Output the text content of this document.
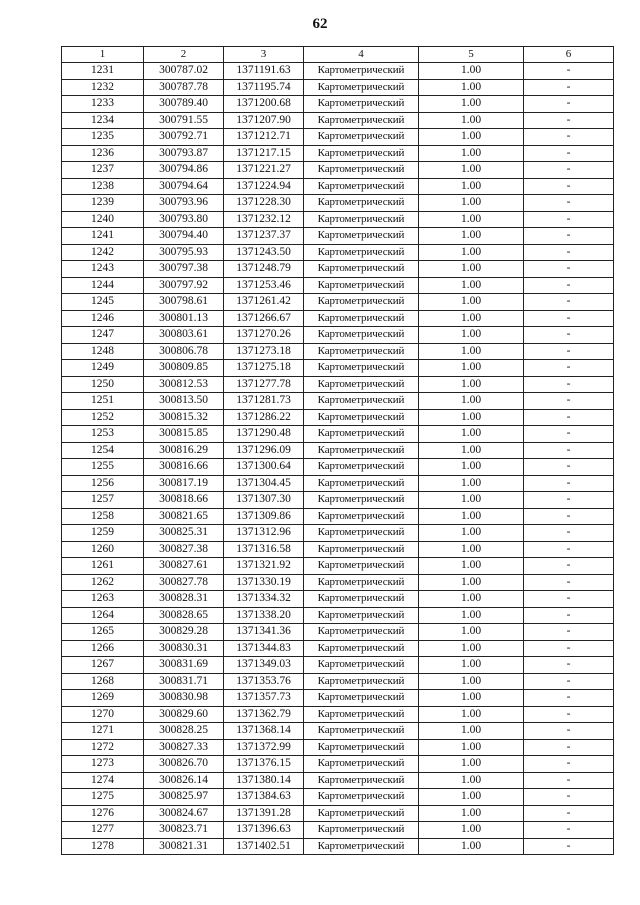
62
1	2	3	4	5	6
1231	300787.02	1371191.63	Картометрический	1.00	-
1232	300787.78	1371195.74	Картометрический	1.00	-
1233	300789.40	1371200.68	Картометрический	1.00	-
1234	300791.55	1371207.90	Картометрический	1.00	-
1235	300792.71	1371212.71	Картометрический	1.00	-
1236	300793.87	1371217.15	Картометрический	1.00	-
1237	300794.86	1371221.27	Картометрический	1.00	-
1238	300794.64	1371224.94	Картометрический	1.00	-
1239	300793.96	1371228.30	Картометрический	1.00	-
1240	300793.80	1371232.12	Картометрический	1.00	-
1241	300794.40	1371237.37	Картометрический	1.00	-
1242	300795.93	1371243.50	Картометрический	1.00	-
1243	300797.38	1371248.79	Картометрический	1.00	-
1244	300797.92	1371253.46	Картометрический	1.00	-
1245	300798.61	1371261.42	Картометрический	1.00	-
1246	300801.13	1371266.67	Картометрический	1.00	-
1247	300803.61	1371270.26	Картометрический	1.00	-
1248	300806.78	1371273.18	Картометрический	1.00	-
1249	300809.85	1371275.18	Картометрический	1.00	-
1250	300812.53	1371277.78	Картометрический	1.00	-
1251	300813.50	1371281.73	Картометрический	1.00	-
1252	300815.32	1371286.22	Картометрический	1.00	-
1253	300815.85	1371290.48	Картометрический	1.00	-
1254	300816.29	1371296.09	Картометрический	1.00	-
1255	300816.66	1371300.64	Картометрический	1.00	-
1256	300817.19	1371304.45	Картометрический	1.00	-
1257	300818.66	1371307.30	Картометрический	1.00	-
1258	300821.65	1371309.86	Картометрический	1.00	-
1259	300825.31	1371312.96	Картометрический	1.00	-
1260	300827.38	1371316.58	Картометрический	1.00	-
1261	300827.61	1371321.92	Картометрический	1.00	-
1262	300827.78	1371330.19	Картометрический	1.00	-
1263	300828.31	1371334.32	Картометрический	1.00	-
1264	300828.65	1371338.20	Картометрический	1.00	-
1265	300829.28	1371341.36	Картометрический	1.00	-
1266	300830.31	1371344.83	Картометрический	1.00	-
1267	300831.69	1371349.03	Картометрический	1.00	-
1268	300831.71	1371353.76	Картометрический	1.00	-
1269	300830.98	1371357.73	Картометрический	1.00	-
1270	300829.60	1371362.79	Картометрический	1.00	-
1271	300828.25	1371368.14	Картометрический	1.00	-
1272	300827.33	1371372.99	Картометрический	1.00	-
1273	300826.70	1371376.15	Картометрический	1.00	-
1274	300826.14	1371380.14	Картометрический	1.00	-
1275	300825.97	1371384.63	Картометрический	1.00	-
1276	300824.67	1371391.28	Картометрический	1.00	-
1277	300823.71	1371396.63	Картометрический	1.00	-
1278	300821.31	1371402.51	Картометрический	1.00	-
